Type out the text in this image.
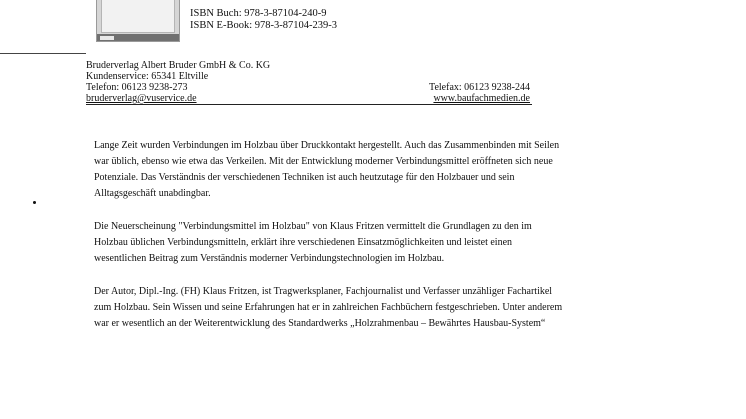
ISBN Buch: 978-3-87104-240-9
ISBN E-Book: 978-3-87104-239-3
Bruderverlag Albert Bruder GmbH & Co. KG
Kundenservice: 65341 Eltville
Telefon: 06123 9238-273	Telefax: 06123 9238-244
bruderverlag@vuservice.de	www.baufachmedien.de

Lange Zeit wurden Verbindungen im Holzbau über Druckkontakt hergestellt. Auch das Zusammenbinden mit Seilen war üblich, ebenso wie etwa das Verkeilen. Mit der Entwicklung moderner Verbindungsmittel eröffneten sich neue Potenziale. Das Verständnis der verschiedenen Techniken ist auch heutzutage für den Holzbauer und sein Alltagsgeschäft unabdingbar.

Die Neuerscheinung "Verbindungsmittel im Holzbau" von Klaus Fritzen vermittelt die Grundlagen zu den im Holzbau üblichen Verbindungsmitteln, erklärt ihre verschiedenen Einsatzmöglichkeiten und leistet einen wesentlichen Beitrag zum Verständnis moderner Verbindungstechnologien im Holzbau.

Der Autor, Dipl.-Ing. (FH) Klaus Fritzen, ist Tragwerksplaner, Fachjournalist und Verfasser unzähliger Fachartikel zum Holzbau. Sein Wissen und seine Erfahrungen hat er in zahlreichen Fachbüchern festgeschrieben. Unter anderem war er wesentlich an der Weiterentwicklung des Standardwerks „Holzrahmenbau – Bewährtes Hausbau-System“
